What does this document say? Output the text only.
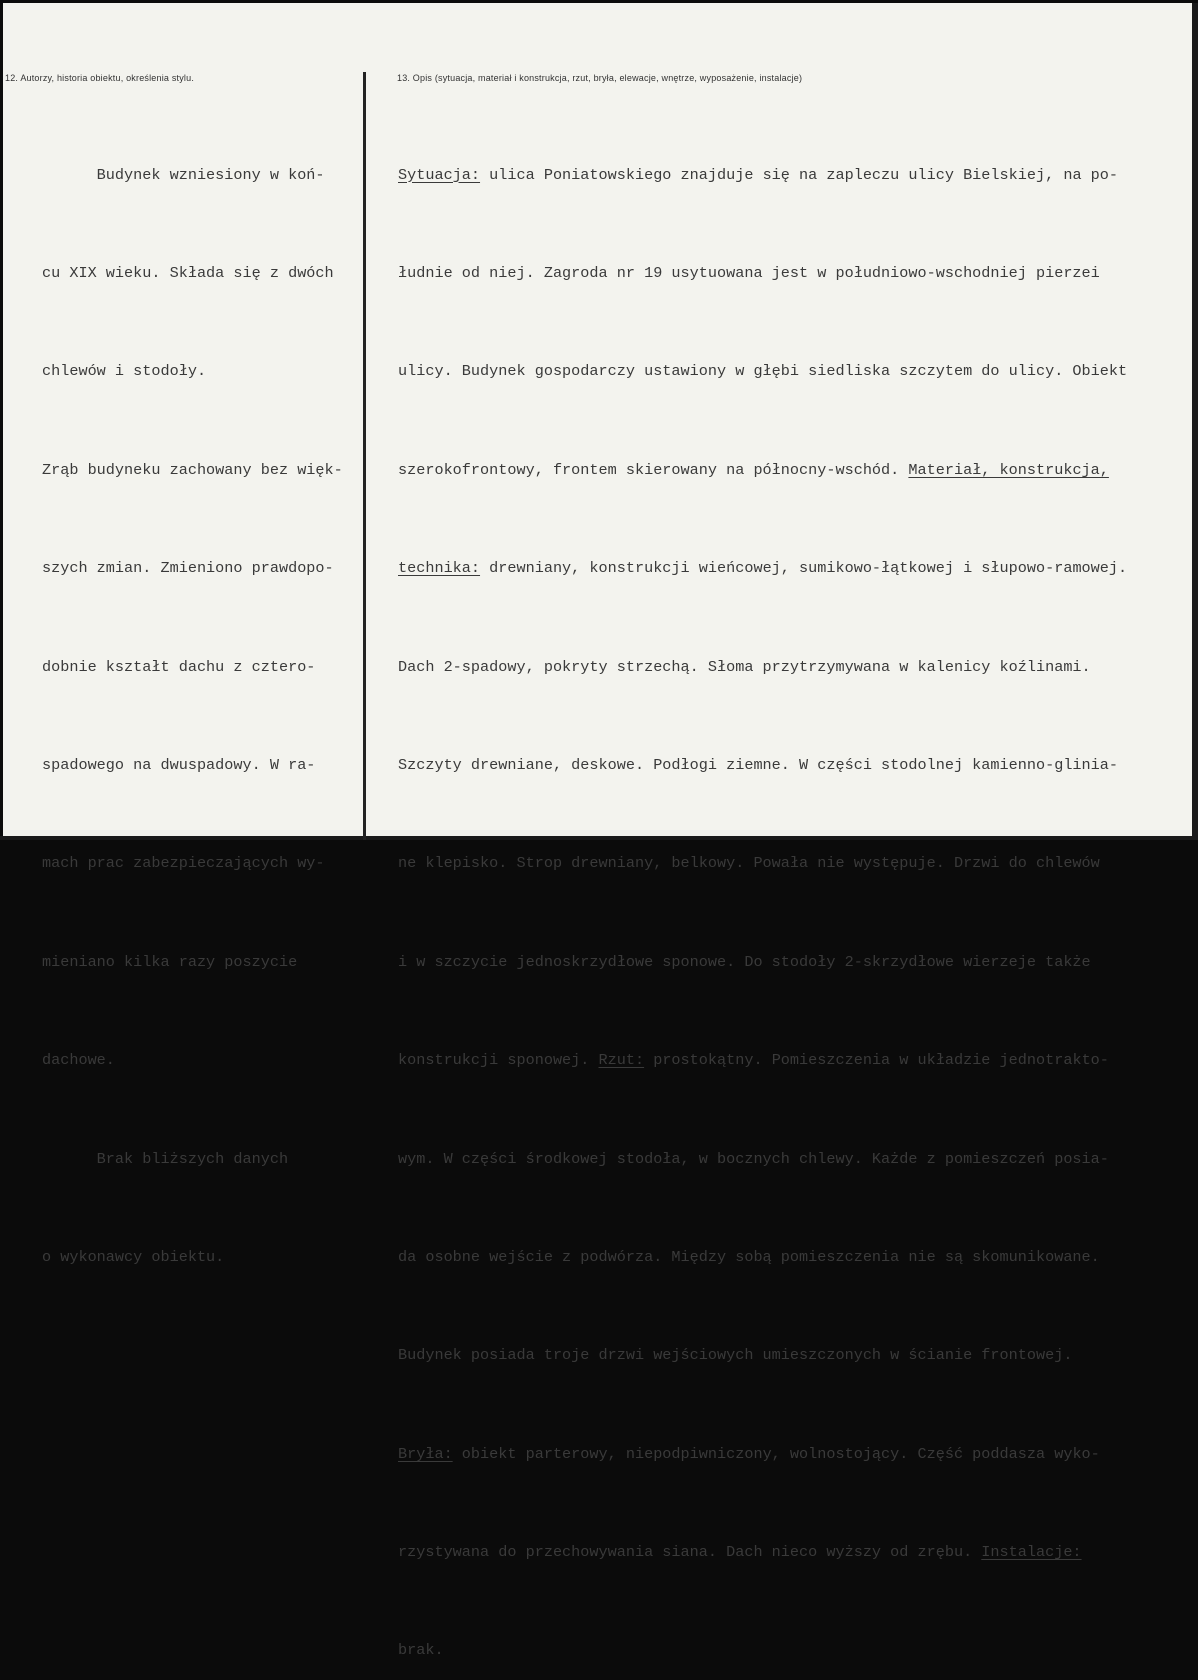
12. Autorzy, historia obiektu, określenia stylu.	13. Opis (sytuacja, materiał i konstrukcja, rzut, bryła, elewacje, wnętrze, wyposażenie, instalacje)

Budynek wzniesiony w koń-

cu XIX wieku. Składa się z dwóch

chlewów i stodoły.

Zrąb budyneku zachowany bez więk-

szych zmian. Zmieniono prawdopo-

dobnie kształt dachu z cztero-

spadowego na dwuspadowy. W ra-

mach prac zabezpieczających wy-

mieniano kilka razy poszycie

dachowe.

Brak bliższych danych

o wykonawcy obiektu.

Sytuacja: ulica Poniatowskiego znajduje się na zapleczu ulicy Bielskiej, na po-

łudnie od niej. Zagroda nr 19 usytuowana jest w południowo-wschodniej pierzei

ulicy. Budynek gospodarczy ustawiony w głębi siedliska szczytem do ulicy. Obiekt

szerokofrontowy, frontem skierowany na północny-wschód. Materiał, konstrukcja,

technika: drewniany, konstrukcji wieńcowej, sumikowo-łątkowej i słupowo-ramowej.

Dach 2-spadowy, pokryty strzechą. Słoma przytrzymywana w kalenicy koźlinami.

Szczyty drewniane, deskowe. Podłogi ziemne. W części stodolnej kamienno-glinia-

ne klepisko. Strop drewniany, belkowy. Powała nie występuje. Drzwi do chlewów

i w szczycie jednoskrzydłowe sponowe. Do stodoły 2-skrzydłowe wierzeje także

konstrukcji sponowej. Rzut: prostokątny. Pomieszczenia w układzie jednotrakto-

wym. W części środkowej stodoła, w bocznych chlewy. Każde z pomieszczeń posia-

da osobne wejście z podwórza. Między sobą pomieszczenia nie są skomunikowane.

Budynek posiada troje drzwi wejściowych umieszczonych w ścianie frontowej.

Bryła: obiekt parterowy, niepodpiwniczony, wolnostojący. Część poddasza wyko-

rzystywana do przechowywania siana. Dach nieco wyższy od zrębu. Instalacje:

brak.
